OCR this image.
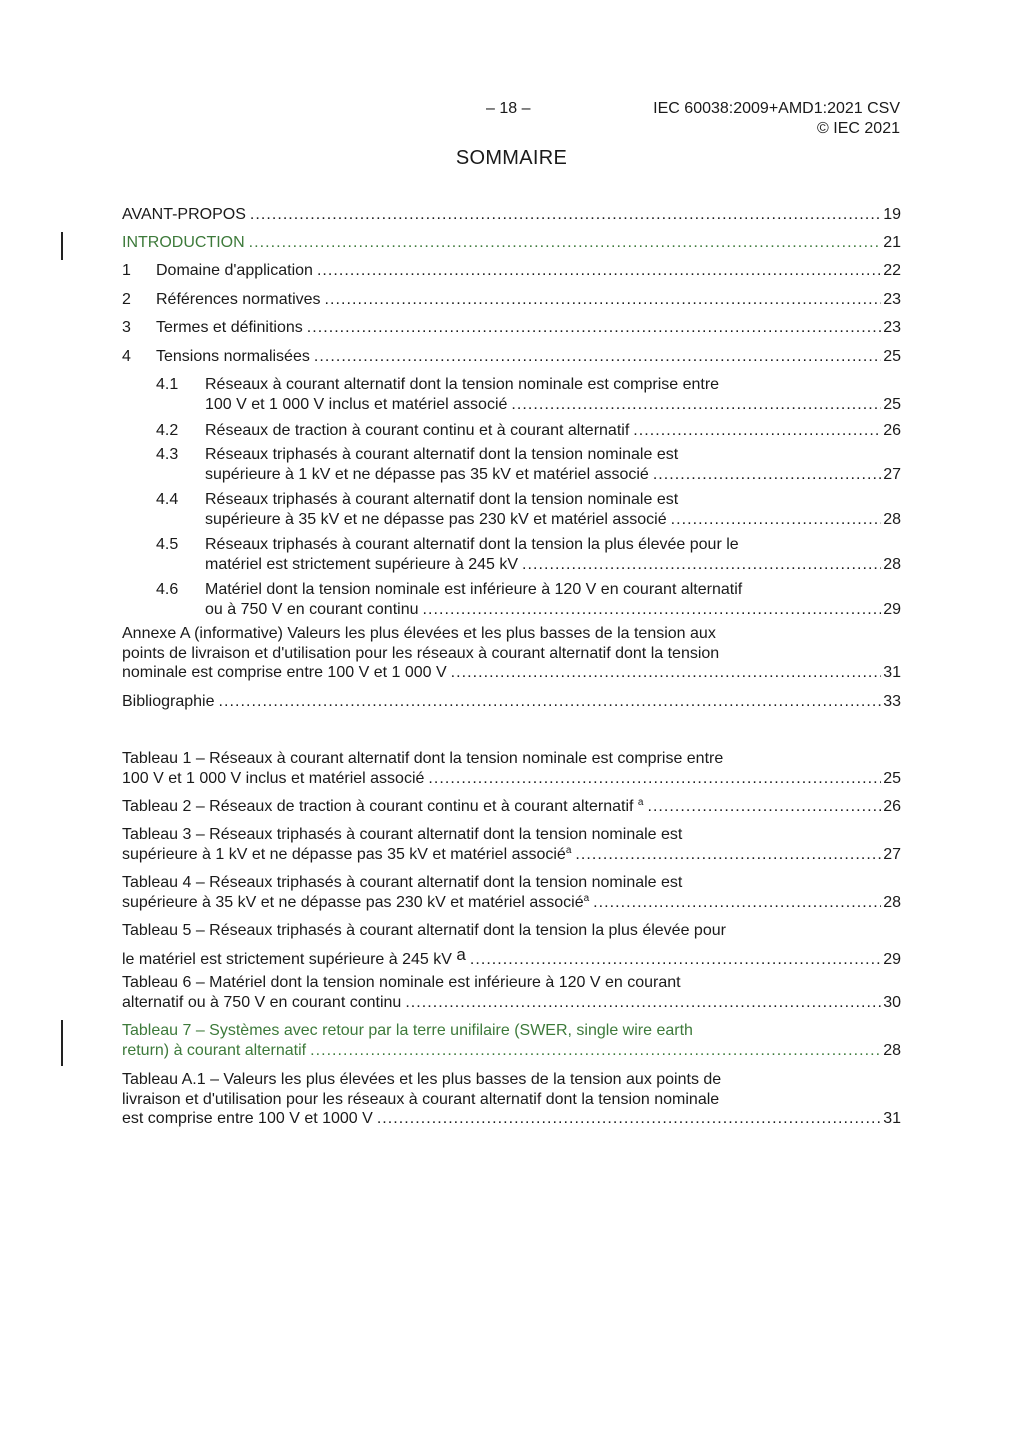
– 18 –	IEC 60038:2009+AMD1:2021 CSV
© IEC 2021
SOMMAIRE
AVANT-PROPOS . . .	19
INTRODUCTION . . .	21
1	Domaine d'application . . .	22
2	Références normatives . . .	23
3	Termes et définitions . . .	23
4	Tensions normalisées . . .	25
4.1 Réseaux à courant alternatif dont la tension nominale est comprise entre
100 V et 1 000 V inclus et matériel associé . . .	25
4.2	Réseaux de traction à courant continu et à courant alternatif . . .	26
4.3 Réseaux triphasés à courant alternatif dont la tension nominale est
supérieure à 1 kV et ne dépasse pas 35 kV et matériel associé . . .	27
4.4 Réseaux triphasés à courant alternatif dont la tension nominale est
supérieure à 35 kV et ne dépasse pas 230 kV et matériel associé . . .	28
4.5 Réseaux triphasés à courant alternatif dont la tension la plus élevée pour le
matériel est strictement supérieure à 245 kV . . .	28
4.6 Matériel dont la tension nominale est inférieure à 120 V en courant alternatif
ou à 750 V en courant continu . . .	29
Annexe A (informative) Valeurs les plus élevées et les plus basses de la tension aux
points de livraison et d'utilisation pour les réseaux à courant alternatif dont la tension
nominale est comprise entre 100 V et 1 000 V . . .	31
Bibliographie . . .	33
Tableau 1 – Réseaux à courant alternatif dont la tension nominale est comprise entre
100 V et 1 000 V inclus et matériel associé . . .	25
Tableau 2 – Réseaux de traction à courant continu et à courant alternatif $^a$ . . .	26
Tableau 3 – Réseaux triphasés à courant alternatif dont la tension nominale est
supérieure à 1 kV et ne dépasse pas 35 kV et matériel associé$^a$ . . .	27
Tableau 4 – Réseaux triphasés à courant alternatif dont la tension nominale est
supérieure à 35 kV et ne dépasse pas 230 kV et matériel associé$^a$ . . .	28
Tableau 5 – Réseaux triphasés à courant alternatif dont la tension la plus élevée pour
le matériel est strictement supérieure à 245 kV a . . .	29
Tableau 6 – Matériel dont la tension nominale est inférieure à 120 V en courant
alternatif ou à 750 V en courant continu . . .	30
Tableau 7 – Systèmes avec retour par la terre unifilaire (SWER, single wire earth
return) à courant alternatif . . .	28
Tableau A.1 – Valeurs les plus élevées et les plus basses de la tension aux points de
livraison et d'utilisation pour les réseaux à courant alternatif dont la tension nominale
est comprise entre 100 V et 1000 V . . .	31
